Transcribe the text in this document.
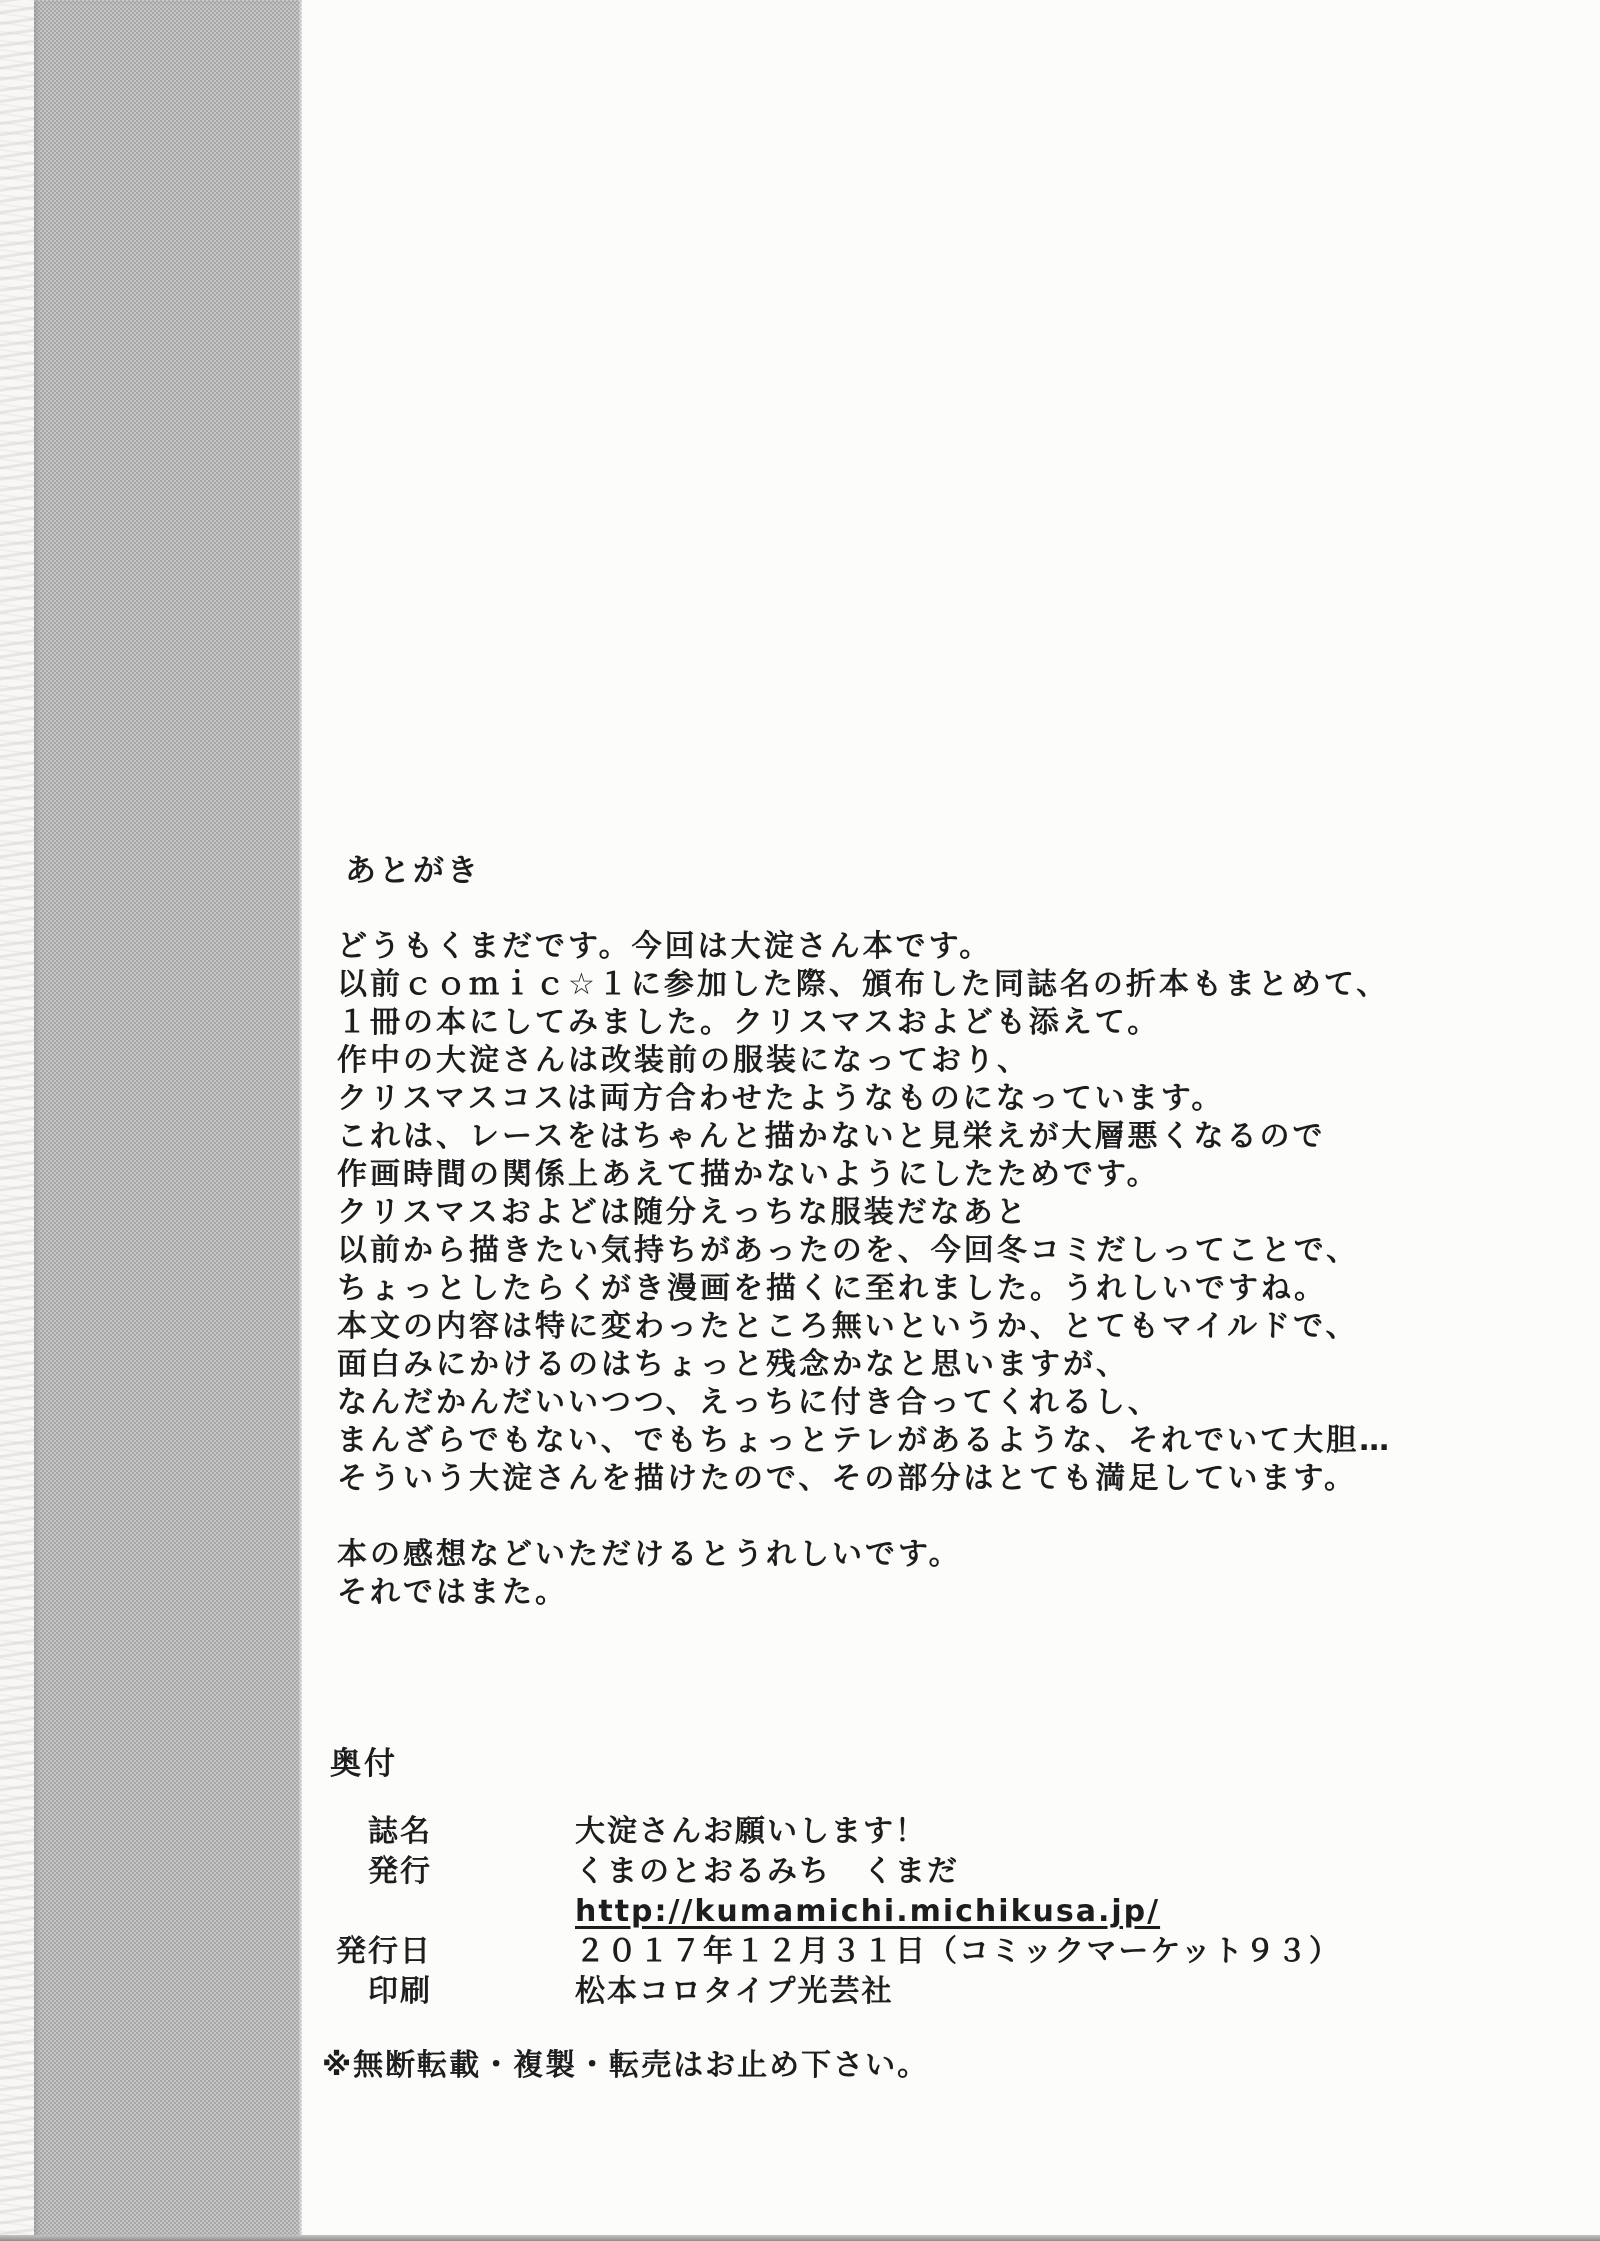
あとがき
どうもくまだです。今回は大淀さん本です。
以前ｃｏｍｉｃ☆１に参加した際、頒布した同誌名の折本もまとめて、
１冊の本にしてみました。クリスマスおよども添えて。
作中の大淀さんは改装前の服装になっており、
クリスマスコスは両方合わせたようなものになっています。
これは、レースをはちゃんと描かないと見栄えが大層悪くなるので
作画時間の関係上あえて描かないようにしたためです。
クリスマスおよどは随分えっちな服装だなあと
以前から描きたい気持ちがあったのを、今回冬コミだしってことで、
ちょっとしたらくがき漫画を描くに至れました。うれしいですね。
本文の内容は特に変わったところ無いというか、とてもマイルドで、
面白みにかけるのはちょっと残念かなと思いますが、
なんだかんだいいつつ、えっちに付き合ってくれるし、
まんざらでもない、でもちょっとテレがあるような、それでいて大胆…
そういう大淀さんを描けたので、その部分はとても満足しています。
本の感想などいただけるとうれしいです。
それではまた。
奥付
誌名	大淀さんお願いします！
発行	くまのとおるみち　くまだ
http://kumamichi.michikusa.jp/
発行日	２０１７年１２月３１日（コミックマーケット９３）
印刷	松本コロタイプ光芸社
※無断転載・複製・転売はお止め下さい。
